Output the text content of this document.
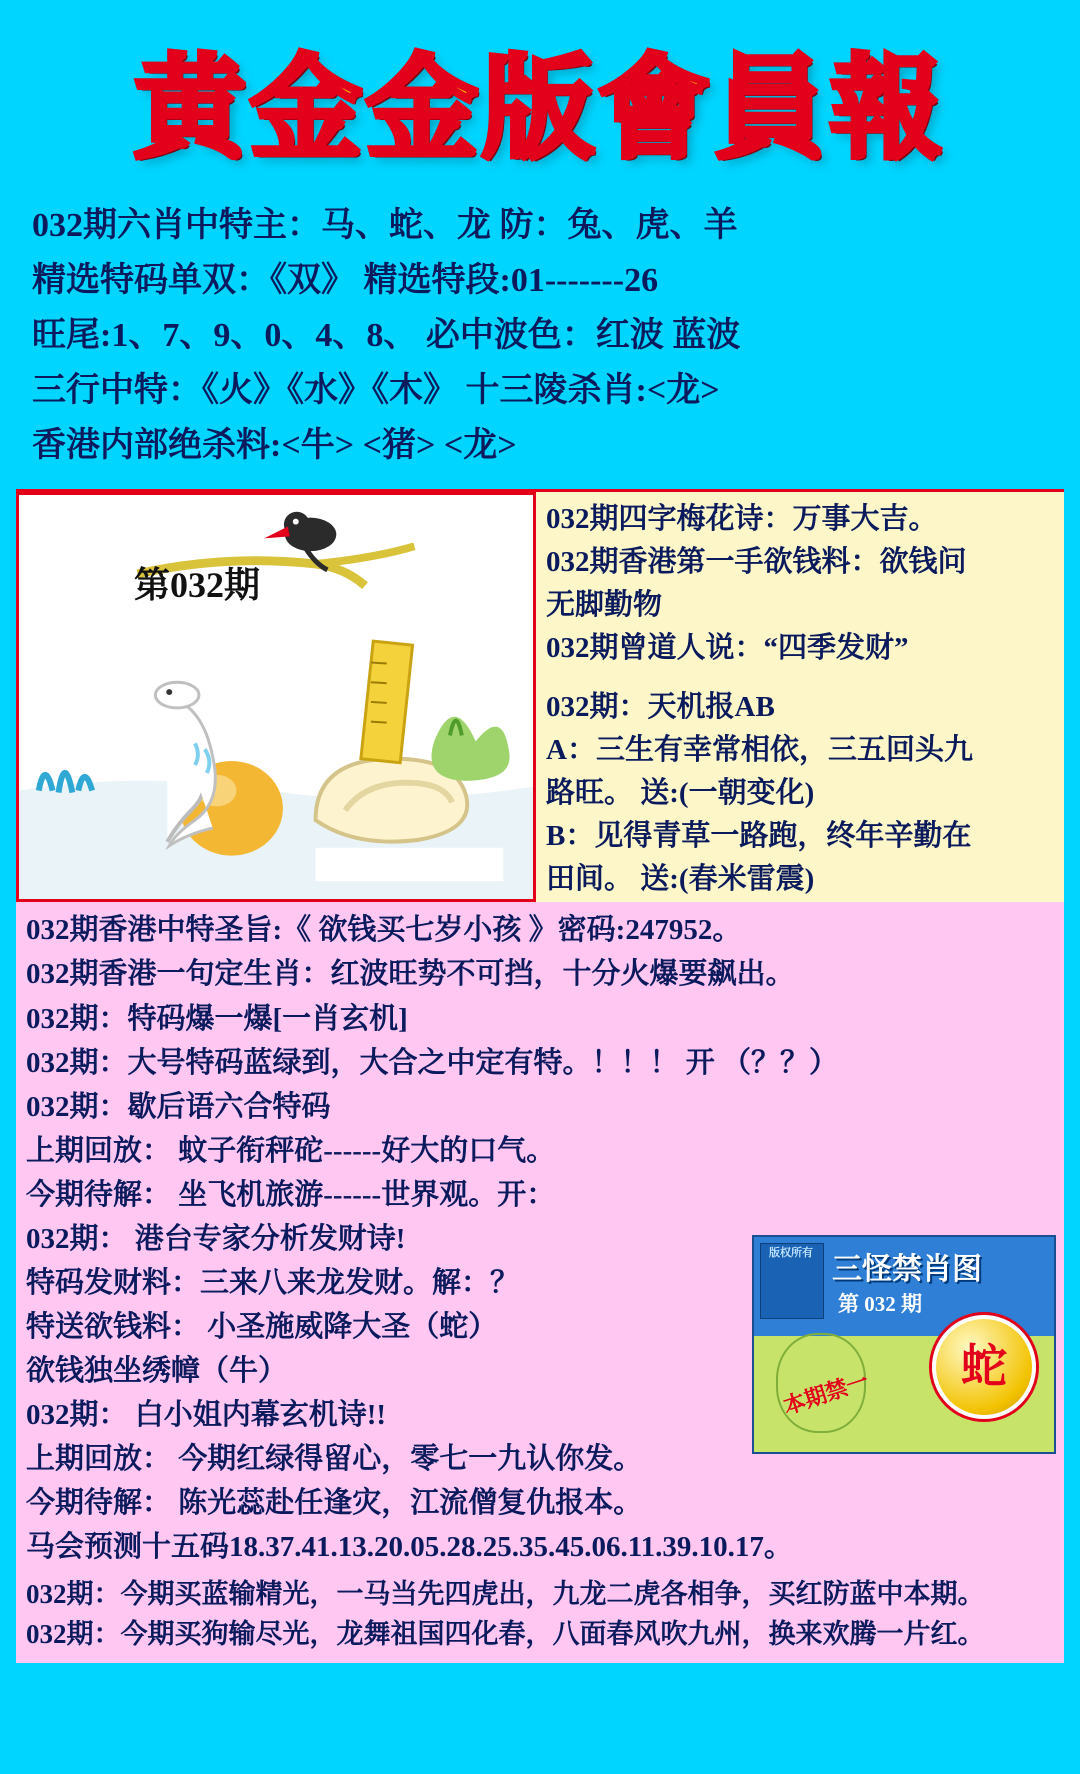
黄金金版會員報
032期六肖中特主：马、蛇、龙 防：兔、虎、羊
精选特码单双：《双》 精选特段:01-------26
旺尾:1、7、9、0、4、8、 必中波色：红波 蓝波
三行中特：《火》《水》《木》 十三陵杀肖:<龙>
香港内部绝杀料:<牛> <猪> <龙>
第032期
032期四字梅花诗：万事大吉。
032期香港第一手欲钱料：欲钱问
无脚勤物
032期曾道人说：“四季发财”
032期：天机报AB
A：三生有幸常相依，三五回头九
路旺。 送:(一朝变化)
B：见得青草一路跑，终年辛勤在
田间。 送:(春米雷震)
032期香港中特圣旨:《 欲钱买七岁小孩 》密码:247952。
032期香港一句定生肖：红波旺势不可挡，十分火爆要飙出。
032期：特码爆一爆[一肖玄机]
032期：大号特码蓝绿到，大合之中定有特。！！！ 开 （？？）
032期：歇后语六合特码
上期回放： 蚊子衔秤砣------好大的口气。
今期待解： 坐飞机旅游------世界观。开：
032期： 港台专家分析发财诗!
特码发财料：三来八来龙发财。解：？
特送欲钱料： 小圣施威降大圣（蛇）
欲钱独坐绣幛（牛）
032期： 白小姐内幕玄机诗!!
上期回放： 今期红绿得留心，零七一九认你发。
今期待解： 陈光蕊赴任逢灾，江流僧复仇报本。
马会预测十五码18.37.41.13.20.05.28.25.35.45.06.11.39.10.17。
版权所有 三怪禁肖图
第 032 期
蛇
本期禁一
032期：今期买蓝输精光，一马当先四虎出，九龙二虎各相争，买红防蓝中本期。
032期：今期买狗输尽光，龙舞祖国四化春，八面春风吹九州，换来欢腾一片红。
